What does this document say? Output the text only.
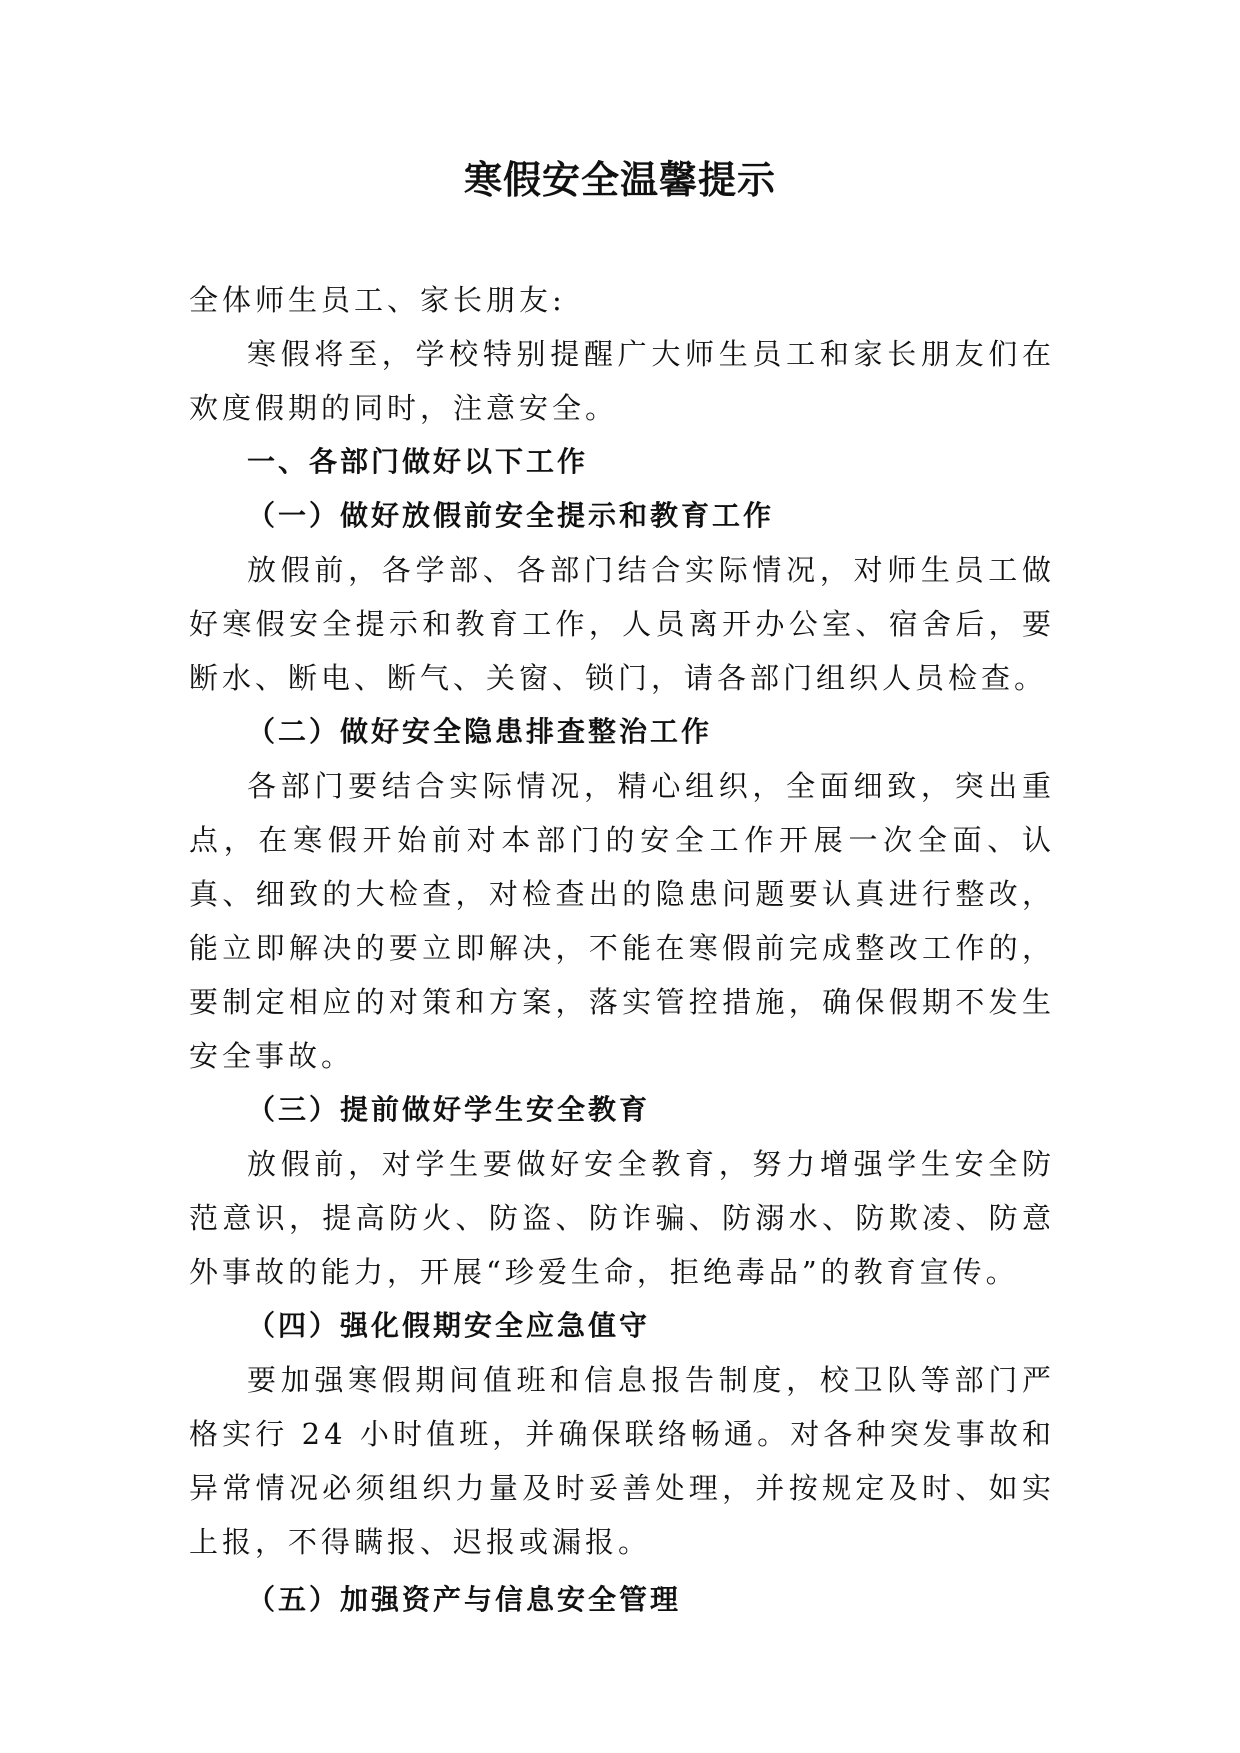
寒假安全温馨提示

全体师生员工、家长朋友:

寒假将至，学校特别提醒广大师生员工和家长朋友们在欢度假期的同时，注意安全。

一、各部门做好以下工作

（一）做好放假前安全提示和教育工作

放假前，各学部、各部门结合实际情况，对师生员工做好寒假安全提示和教育工作，人员离开办公室、宿舍后，要断水、断电、断气、关窗、锁门，请各部门组织人员检查。

（二）做好安全隐患排查整治工作

各部门要结合实际情况，精心组织，全面细致，突出重点，在寒假开始前对本部门的安全工作开展一次全面、认真、细致的大检查，对检查出的隐患问题要认真进行整改，能立即解决的要立即解决，不能在寒假前完成整改工作的，要制定相应的对策和方案，落实管控措施，确保假期不发生安全事故。

（三）提前做好学生安全教育

放假前，对学生要做好安全教育，努力增强学生安全防范意识，提高防火、防盗、防诈骗、防溺水、防欺凌、防意外事故的能力，开展“珍爱生命，拒绝毒品”的教育宣传。

（四）强化假期安全应急值守

要加强寒假期间值班和信息报告制度，校卫队等部门严格实行 24 小时值班，并确保联络畅通。对各种突发事故和异常情况必须组织力量及时妥善处理，并按规定及时、如实上报，不得瞒报、迟报或漏报。

（五）加强资产与信息安全管理
